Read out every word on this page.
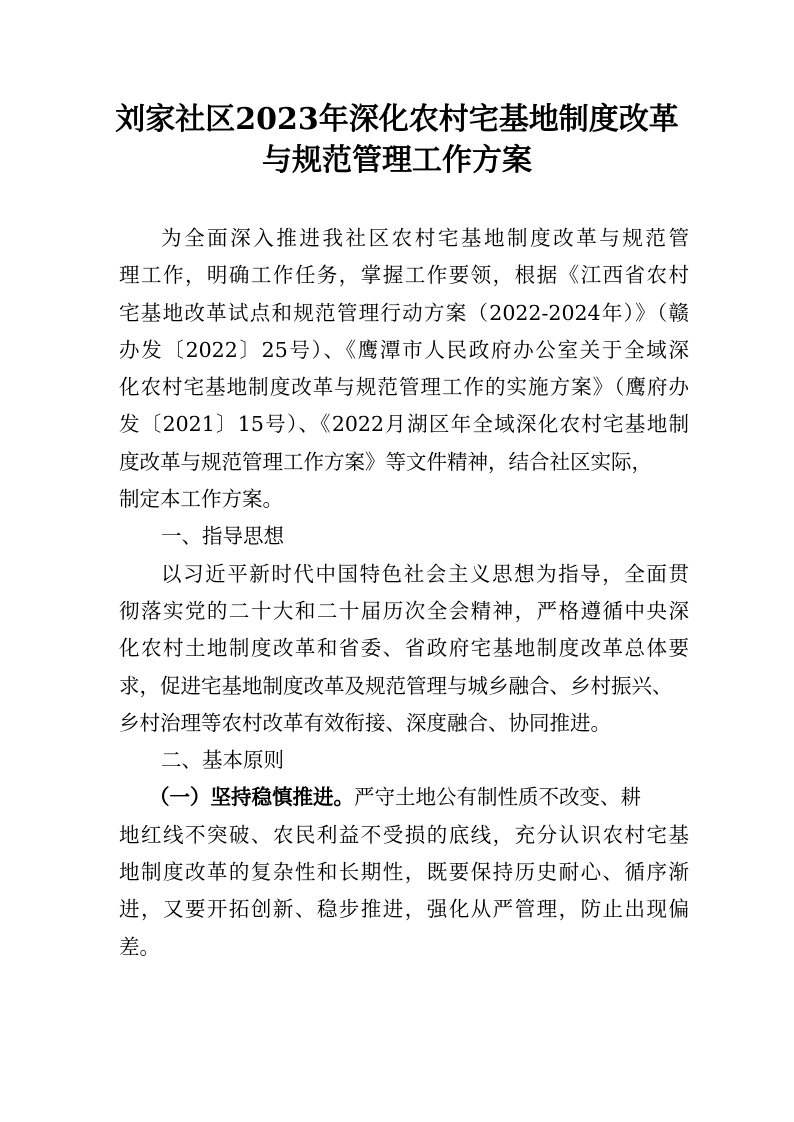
刘家社区2023年深化农村宅基地制度改革
与规范管理工作方案
为全面深入推进我社区农村宅基地制度改革与规范管
理工作，明确工作任务，掌握工作要领，根据《江西省农村
宅基地改革试点和规范管理行动方案（2022-2024年）》（赣
办发〔2022〕25号）、《鹰潭市人民政府办公室关于全域深
化农村宅基地制度改革与规范管理工作的实施方案》（鹰府办
发〔2021〕15号）、《2022月湖区年全域深化农村宅基地制
度改革与规范管理工作方案》等文件精神，结合社区实际，
制定本工作方案。
一、指导思想
以习近平新时代中国特色社会主义思想为指导，全面贯
彻落实党的二十大和二十届历次全会精神，严格遵循中央深
化农村土地制度改革和省委、省政府宅基地制度改革总体要
求，促进宅基地制度改革及规范管理与城乡融合、乡村振兴、
乡村治理等农村改革有效衔接、深度融合、协同推进。
二、基本原则
（一）坚持稳慎推进。严守土地公有制性质不改变、耕
地红线不突破、农民利益不受损的底线，充分认识农村宅基
地制度改革的复杂性和长期性，既要保持历史耐心、循序渐
进，又要开拓创新、稳步推进，强化从严管理，防止出现偏
差。
